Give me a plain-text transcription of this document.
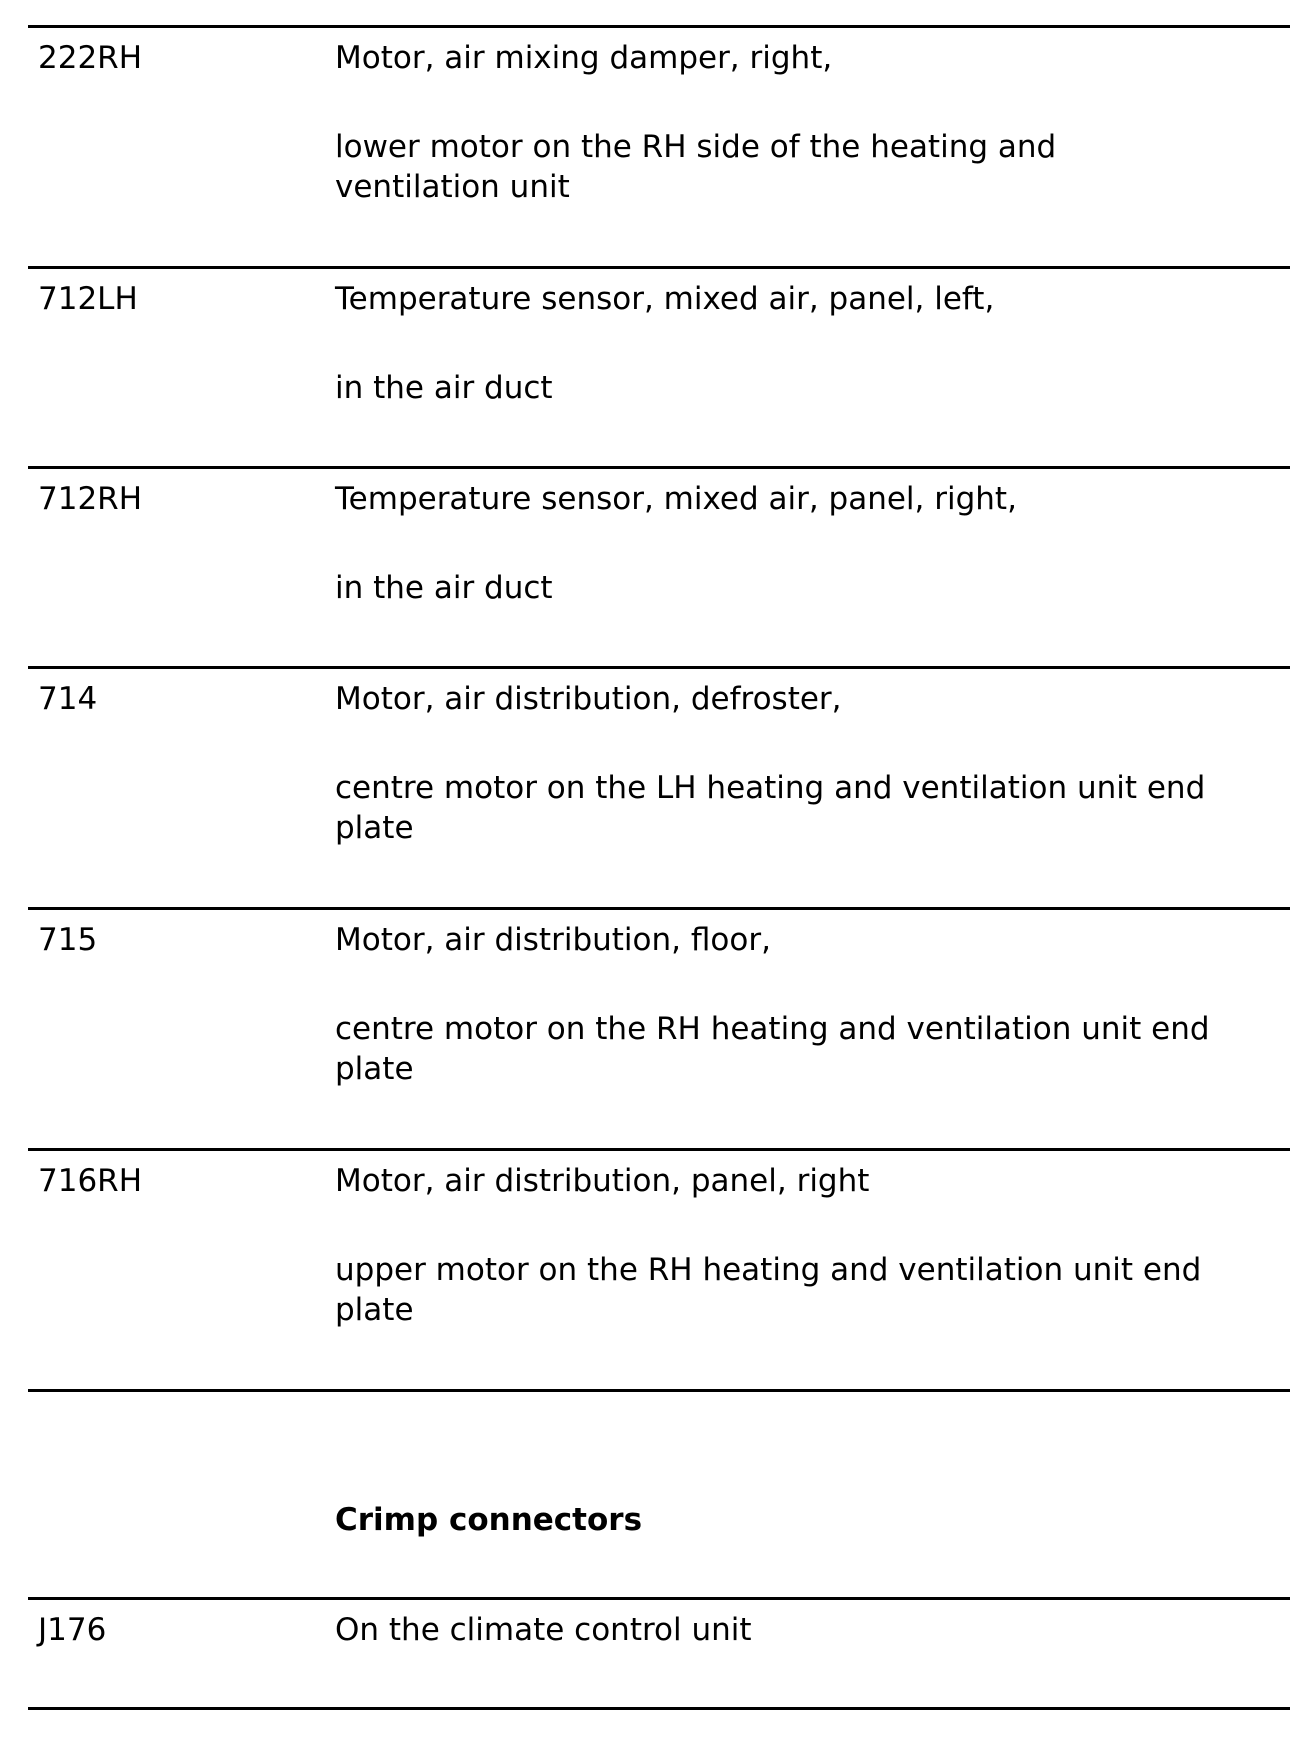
222RH	Motor, air mixing damper, right,
lower motor on the RH side of the heating and
ventilation unit
712LH	Temperature sensor, mixed air, panel, left,
in the air duct
712RH	Temperature sensor, mixed air, panel, right,
in the air duct
714	Motor, air distribution, defroster,
centre motor on the LH heating and ventilation unit end
plate
715	Motor, air distribution, floor,
centre motor on the RH heating and ventilation unit end
plate
716RH	Motor, air distribution, panel, right
upper motor on the RH heating and ventilation unit end
plate
Crimp connectors
J176	On the climate control unit
